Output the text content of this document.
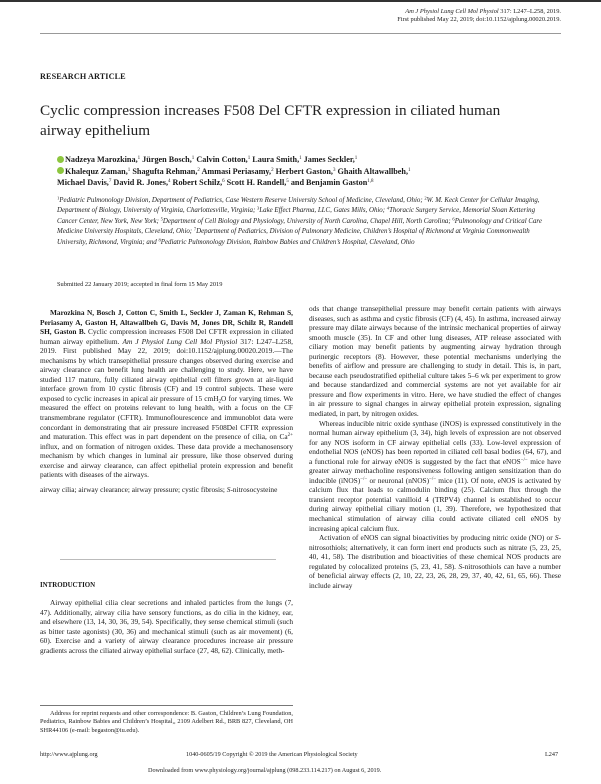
Am J Physiol Lung Cell Mol Physiol 317: L247–L258, 2019.
First published May 22, 2019; doi:10.1152/ajplung.00020.2019.
RESEARCH ARTICLE
Cyclic compression increases F508 Del CFTR expression in ciliated human
airway epithelium
Nadzeya Marozkina,$^1$ Jürgen Bosch,$^1$ Calvin Cotton,$^1$ Laura Smith,$^1$ James Seckler,$^1$
Khalequz Zaman,$^1$ Shagufta Rehman,$^2$ Ammasi Periasamy,$^2$ Herbert Gaston,$^3$ Ghaith Altawallbeh,$^1$
Michael Davis,$^7$ David R. Jones,$^4$ Robert Schilz,$^6$ Scott H. Randell,$^5$ and Benjamin Gaston$^{1,8}$
$^1$Pediatric Pulmonology Division, Department of Pediatrics, Case Western Reserve University School of Medicine, Cleveland, Ohio; $^2$W. M. Keck Center for Cellular Imaging, Department of Biology, University of Virginia, Charlottesville, Virginia; $^3$Lake Effect Pharma, LLC, Gates Mills, Ohio; $^4$Thoracic Surgery Service, Memorial Sloan Kettering Cancer Center, New York, New York; $^5$Department of Cell Biology and Physiology, University of North Carolina, Chapel Hill, North Carolina; $^6$Pulmonology and Critical Care Medicine University Hospitals, Cleveland, Ohio; $^7$Department of Pediatrics, Division of Pulmonary Medicine, Children’s Hospital of Richmond at Virginia Commonwealth University, Richmond, Virginia; and $^8$Pediatric Pulmonology Division, Rainbow Babies and Children’s Hospital, Cleveland, Ohio
Submitted 22 January 2019; accepted in final form 15 May 2019

Marozkina N, Bosch J, Cotton C, Smith L, Seckler J, Zaman K, Rehman S, Periasamy A, Gaston H, Altawallbeh G, Davis M, Jones DR, Schilz R, Randell SH, Gaston B. Cyclic compression increases F508 Del CFTR expression in ciliated human airway epithelium. Am J Physiol Lung Cell Mol Physiol 317: L247–L258, 2019. First published May 22, 2019; doi:10.1152/ajplung.00020.2019.—The mechanisms by which transepithelial pressure changes observed during exercise and airway clearance can benefit lung health are challenging to study. Here, we have studied 117 mature, fully ciliated airway epithelial cell filters grown at air-liquid interface grown from 10 cystic fibrosis (CF) and 19 control subjects. These were exposed to cyclic increases in apical air pressure of 15 cmH$_2$O for varying times. We measured the effect on proteins relevant to lung health, with a focus on the CF transmembrane regulator (CFTR). Immunoflourescence and immunoblot data were concordant in demonstrating that air pressure increased F508Del CFTR expression and maturation. This effect was in part dependent on the presence of cilia, on $Ca^{2+}$ influx, and on formation of nitrogen oxides. These data provide a mechanosensory mechanism by which changes in luminal air pressure, like those observed during exercise and airway clearance, can affect epithelial protein expression and benefit patients with diseases of the airways.

airway cilia; airway clearance; airway pressure; cystic fibrosis; S-nitrosocysteine

INTRODUCTION

Airway epithelial cilia clear secretions and inhaled particles from the lungs (7, 47). Additionally, airway cilia have sensory functions, as do cilia in the kidney, ear, and elsewhere (13, 14, 30, 36, 39, 54). Specifically, they sense chemical stimuli (such as bitter taste agonists) (30, 36) and mechanical stimuli (such as air movement) (6, 60). Exercise and a variety of airway clearance procedures increase air pressure gradients across the ciliated airway epithelial surface (27, 48, 62). Clinically, meth-

Address for reprint requests and other correspondence: B. Gaston, Children’s Lung Foundation, Pediatrics, Rainbow Babies and Children’s Hospital,, 2109 Adelbert Rd., BRB 827, Cleveland, OH SHR44106 (e-mail: begaston@iu.edu).

ods that change transepithelial pressure may benefit certain patients with airways diseases, such as asthma and cystic fibrosis (CF) (4, 45). In asthma, increased airway pressure may dilate airways because of the intrinsic mechanical properties of airway smooth muscle (35). In CF and other lung diseases, ATP release associated with ciliary motion may benefit patients by augmenting airway hydration through purinergic receptors (8). However, these potential mechanisms underlying the benefits of airflow and pressure are challenging to study in detail. This is, in part, because each pseudostratified epithelial culture takes 5–6 wk per experiment to grow and because standardized and commercial systems are not yet available for air pressure and flow experiments in vitro. Here, we have studied the effect of changes in air pressure to signal changes in airway epithelial protein expression, signaling mediated, in part, by nitrogen oxides.

Whereas inducible nitric oxide synthase (iNOS) is expressed constitutively in the normal human airway epithelium (3, 34), high levels of expression are not observed for any NOS isoform in CF airway epithelial cells (33). Low-level expression of endothelial NOS (eNOS) has been reported in ciliated cell basal bodies (64, 67), and a functional role for airway eNOS is suggested by the fact that eNOS−/− mice have greater airway methacholine responsiveness following antigen sensitization than do inducible (iNOS)−/− or neuronal (nNOS)−/− mice (11). Of note, eNOS is activated by calcium flux that leads to calmodulin binding (25). Calcium flux through the transient receptor potential vanilloid 4 (TRPV4) channel is established to occur during airway epithelial ciliary motion (1, 39). Therefore, we hypothesized that mechanical stimulation of airway cilia could activate ciliated cell eNOS by increasing apical calcium flux.

Activation of eNOS can signal bioactivities by producing nitric oxide (NO) or S-nitrosothiols; alternatively, it can form inert end products such as nitrate (5, 23, 25, 40, 41, 58). The distribution and bioactivities of these chemical NOS products are regulated by colocalized proteins (5, 23, 41, 58). S-nitrosothiols can have a number of beneficial airway effects (2, 10, 22, 23, 26, 28, 29, 37, 40, 42, 61, 65, 66). These include airway

http://www.ajplung.org	1040-0605/19 Copyright © 2019 the American Physiological Society	L247
Downloaded from www.physiology.org/journal/ajplung (098.233.114.217) on August 6, 2019.
